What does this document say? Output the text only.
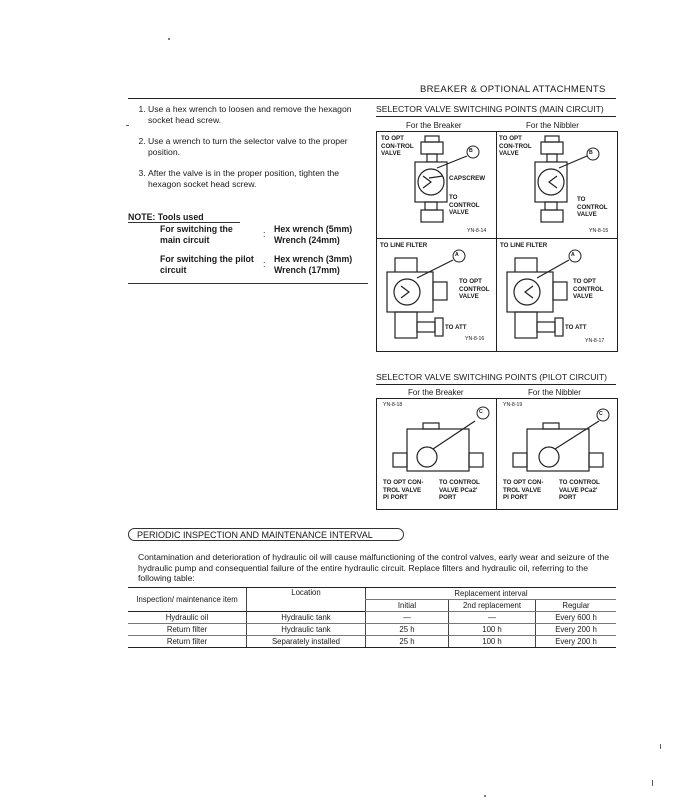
BREAKER & OPTIONAL ATTACHMENTS
1. Use a hex wrench to loosen and remove the hexagon socket head screw.
2. Use a wrench to turn the selector valve to the proper position.
3. After the valve is in the proper position, tighten the hexagon socket head screw.
NOTE: Tools used
For switching the main circuit
: Hex wrench (5mm) Wrench (24mm)
For switching the pilot circuit
: Hex wrench (3mm) Wrench (17mm)
SELECTOR VALVE SWITCHING POINTS (MAIN CIRCUIT)
For the Breaker	For the Nibbler
B	B
A	A
TO OPT CON-TROL VALVE
TO OPT CON-TROL VALVE
CAPSCREW
TO CONTROL VALVE
TO CONTROL VALVE
YN-8-14	YN-8-15
TO LINE FILTER	TO LINE FILTER
TO OPT CONTROL VALVE
TO OPT CONTROL VALVE
TO ATT	TO ATT
YN-8-16	YN-8-17
SELECTOR VALVE SWITCHING POINTS (PILOT CIRCUIT)
For the Breaker	For the Nibbler
YN-8-18	YN-8-19
C	C
TO OPT CON-TROL VALVE PI PORT
TO CONTROL VALVE PCa2' PORT
TO OPT CON-TROL VALVE PI PORT
TO CONTROL VALVE PCa2' PORT
PERIODIC INSPECTION AND MAINTENANCE INTERVAL
Contamination and deterioration of hydraulic oil will cause malfunctioning of the control valves, early wear and seizure of the hydraulic pump and consequential failure of the entire hydraulic circuit. Replace filters and hydraulic oil, referring to the following table:
Inspection/ maintenance item	Location	Replacement interval		
		Initial	2nd replacement	Regular
Hydraulic oil	Hydraulic tank	—	—	Every 600 h
Return filter	Hydraulic tank	25 h	100 h	Every 200 h
Return filter	Separately installed	25 h	100 h	Every 200 h
